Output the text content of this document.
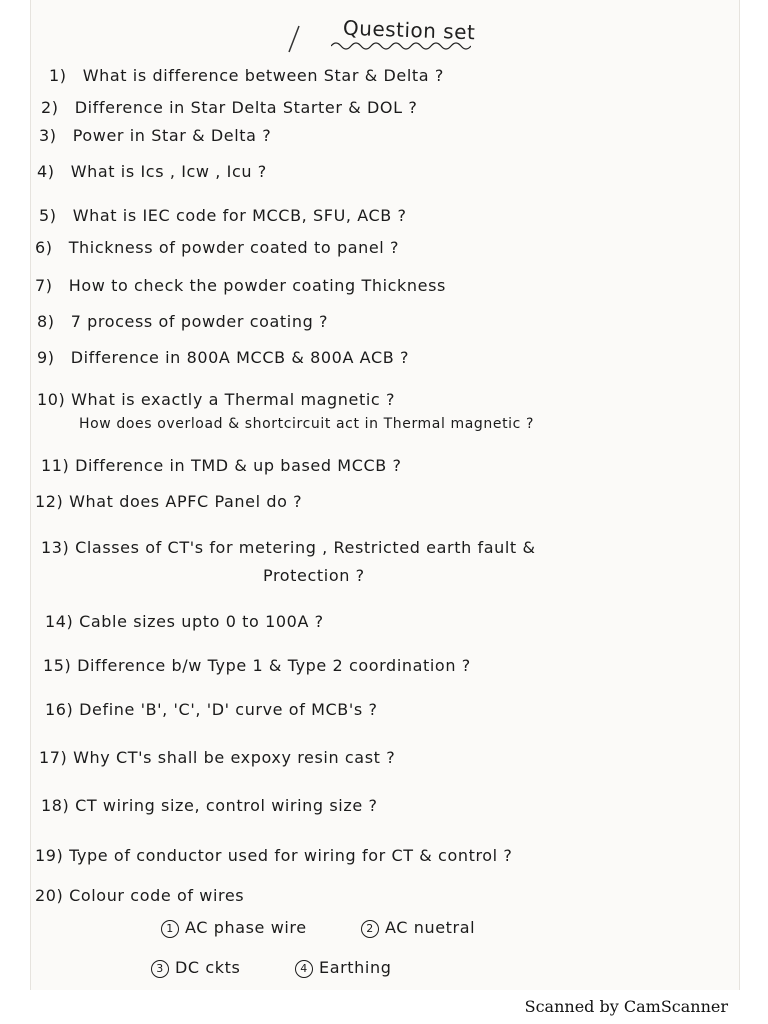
Question set
1) What is difference between Star & Delta ?
2) Difference in Star Delta Starter & DOL ?
3) Power in Star & Delta ?
4) What is Ics , Icw , Icu ?
5) What is IEC code for MCCB, SFU, ACB ?
6) Thickness of powder coated to panel ?
7) How to check the powder coating Thickness
8) 7 process of powder coating ?
9) Difference in 800A MCCB & 800A ACB ?
10) What is exactly a Thermal magnetic ?
How does overload & shortcircuit act in Thermal magnetic ?
11) Difference in TMD & up based MCCB ?
12) What does APFC Panel do ?
13) Classes of CT's for metering , Restricted earth fault &
Protection ?
14) Cable sizes upto 0 to 100A ?
15) Difference b/w Type 1 & Type 2 coordination ?
16) Define 'B', 'C', 'D' curve of MCB's ?
17) Why CT's shall be expoxy resin cast ?
18) CT wiring size, control wiring size ?
19) Type of conductor used for wiring for CT & control ?
20) Colour code of wires
1 AC phase wire	2 AC nuetral
3 DC ckts	4 Earthing
Scanned by CamScanner
